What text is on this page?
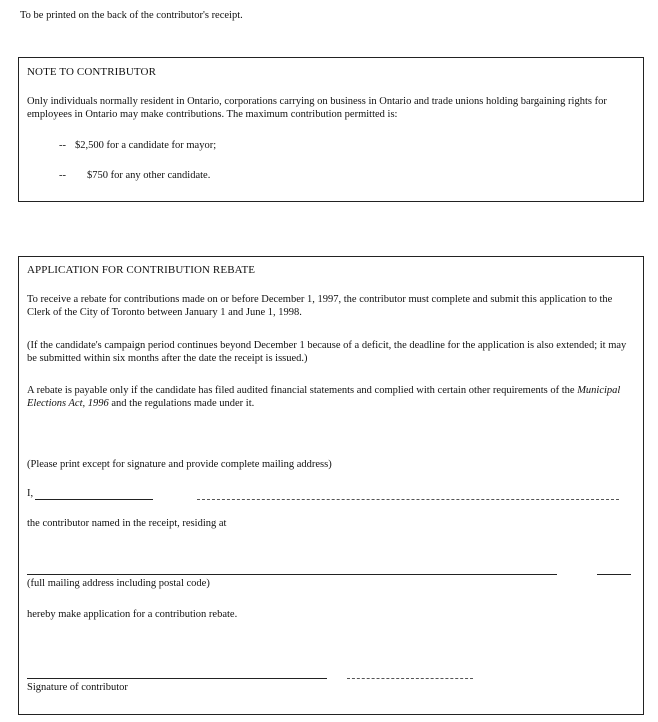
To be printed on the back of the contributor's receipt.
NOTE TO CONTRIBUTOR
Only individuals normally resident in Ontario, corporations carrying on business in Ontario and trade unions holding bargaining rights for employees in Ontario may make contributions. The maximum contribution permitted is:
-- $2,500 for a candidate for mayor;
-- $750 for any other candidate.
APPLICATION FOR CONTRIBUTION REBATE
To receive a rebate for contributions made on or before December 1, 1997, the contributor must complete and submit this application to the Clerk of the City of Toronto between January 1 and June 1, 1998.
(If the candidate's campaign period continues beyond December 1 because of a deficit, the deadline for the application is also extended; it may be submitted within six months after the date the receipt is issued.)
A rebate is payable only if the candidate has filed audited financial statements and complied with certain other requirements of the Municipal Elections Act, 1996 and the regulations made under it.
(Please print except for signature and provide complete mailing address)
I,
the contributor named in the receipt, residing at
(full mailing address including postal code)
hereby make application for a contribution rebate.
Signature of contributor
